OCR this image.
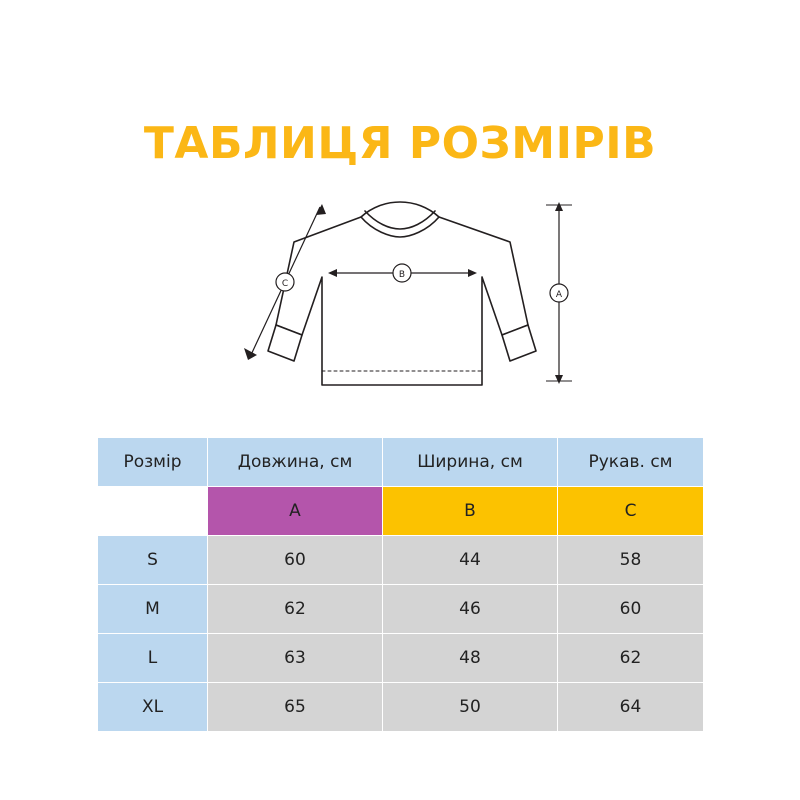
ТАБЛИЦЯ РОЗМІРІВ
A
B
C
Розмір	Довжина, см	Ширина, см	Рукав. см
	A	B	C
S	60	44	58
M	62	46	60
L	63	48	62
XL	65	50	64
